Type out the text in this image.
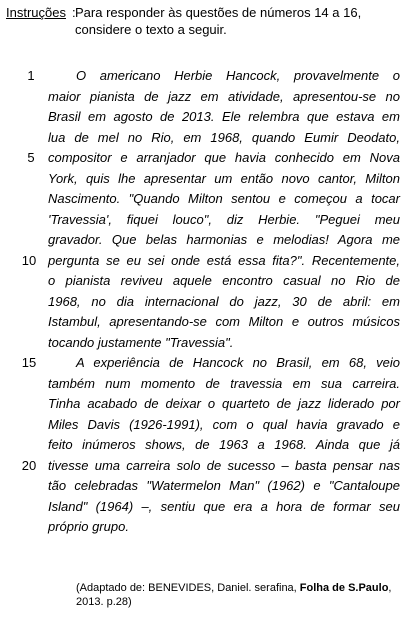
Instruções : Para responder às questões de números 14 a 16, considere o texto a seguir.
O americano Herbie Hancock, provavelmente o
maior pianista de jazz em atividade, apresentou-se no
Brasil em agosto de 2013. Ele relembra que estava em
lua de mel no Rio, em 1968, quando Eumir Deodato,
compositor e arranjador que havia conhecido em Nova
York, quis lhe apresentar um então novo cantor, Milton
Nascimento. "Quando Milton sentou e começou a tocar
'Travessia', fiquei louco", diz Herbie. "Peguei meu
gravador. Que belas harmonias e melodias! Agora me
pergunta se eu sei onde está essa fita?". Recentemente,
o pianista reviveu aquele encontro casual no Rio de
1968, no dia internacional do jazz, 30 de abril: em
Istambul, apresentando-se com Milton e outros músicos
tocando justamente "Travessia".
A experiência de Hancock no Brasil, em 68, veio
também num momento de travessia em sua carreira.
Tinha acabado de deixar o quarteto de jazz liderado por
Miles Davis (1926-1991), com o qual havia gravado e
feito inúmeros shows, de 1963 a 1968. Ainda que já
tivesse uma carreira solo de sucesso – basta pensar nas
tão celebradas "Watermelon Man" (1962) e "Cantaloupe
Island" (1964) –, sentiu que era a hora de formar seu
próprio grupo.
1
5
10
15
20
(Adaptado de: BENEVIDES, Daniel. serafina, Folha de S.Paulo, 2013. p.28)
